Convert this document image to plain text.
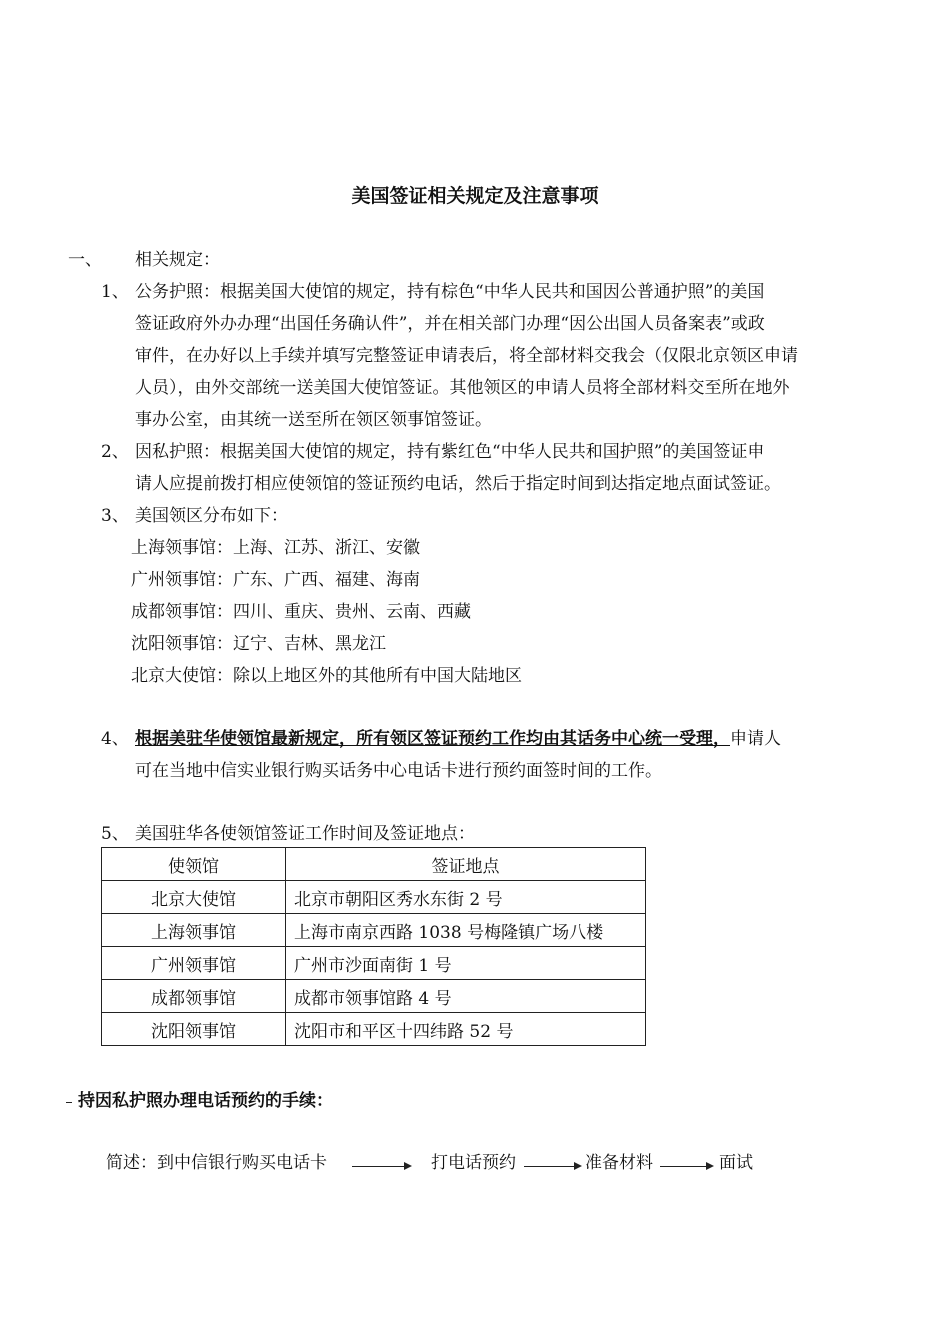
美国签证相关规定及注意事项
一、 相关规定：
1、 公务护照：根据美国大使馆的规定，持有棕色“中华人民共和国因公普通护照”的美国
签证政府外办办理“出国任务确认件”，并在相关部门办理“因公出国人员备案表”或政
审件，在办好以上手续并填写完整签证申请表后，将全部材料交我会（仅限北京领区申请
人员），由外交部统一送美国大使馆签证。其他领区的申请人员将全部材料交至所在地外
事办公室，由其统一送至所在领区领事馆签证。
2、 因私护照：根据美国大使馆的规定，持有紫红色“中华人民共和国护照”的美国签证申
请人应提前拨打相应使领馆的签证预约电话，然后于指定时间到达指定地点面试签证。
3、 美国领区分布如下：
上海领事馆：上海、江苏、浙江、安徽
广州领事馆：广东、广西、福建、海南
成都领事馆：四川、重庆、贵州、云南、西藏
沈阳领事馆：辽宁、吉林、黑龙江
北京大使馆：除以上地区外的其他所有中国大陆地区
4、 根据美驻华使领馆最新规定，所有领区签证预约工作均由其话务中心统一受理，申请人
可在当地中信实业银行购买话务中心电话卡进行预约面签时间的工作。
5、 美国驻华各使领馆签证工作时间及签证地点：
使领馆	签证地点
北京大使馆	北京市朝阳区秀水东街 2 号
上海领事馆	上海市南京西路 1038 号梅隆镇广场八楼
广州领事馆	广州市沙面南街 1 号
成都领事馆	成都市领事馆路 4 号
沈阳领事馆	沈阳市和平区十四纬路 52 号
持因私护照办理电话预约的手续：
简述：到中信银行购买电话卡	打电话预约	准备材料	面试
